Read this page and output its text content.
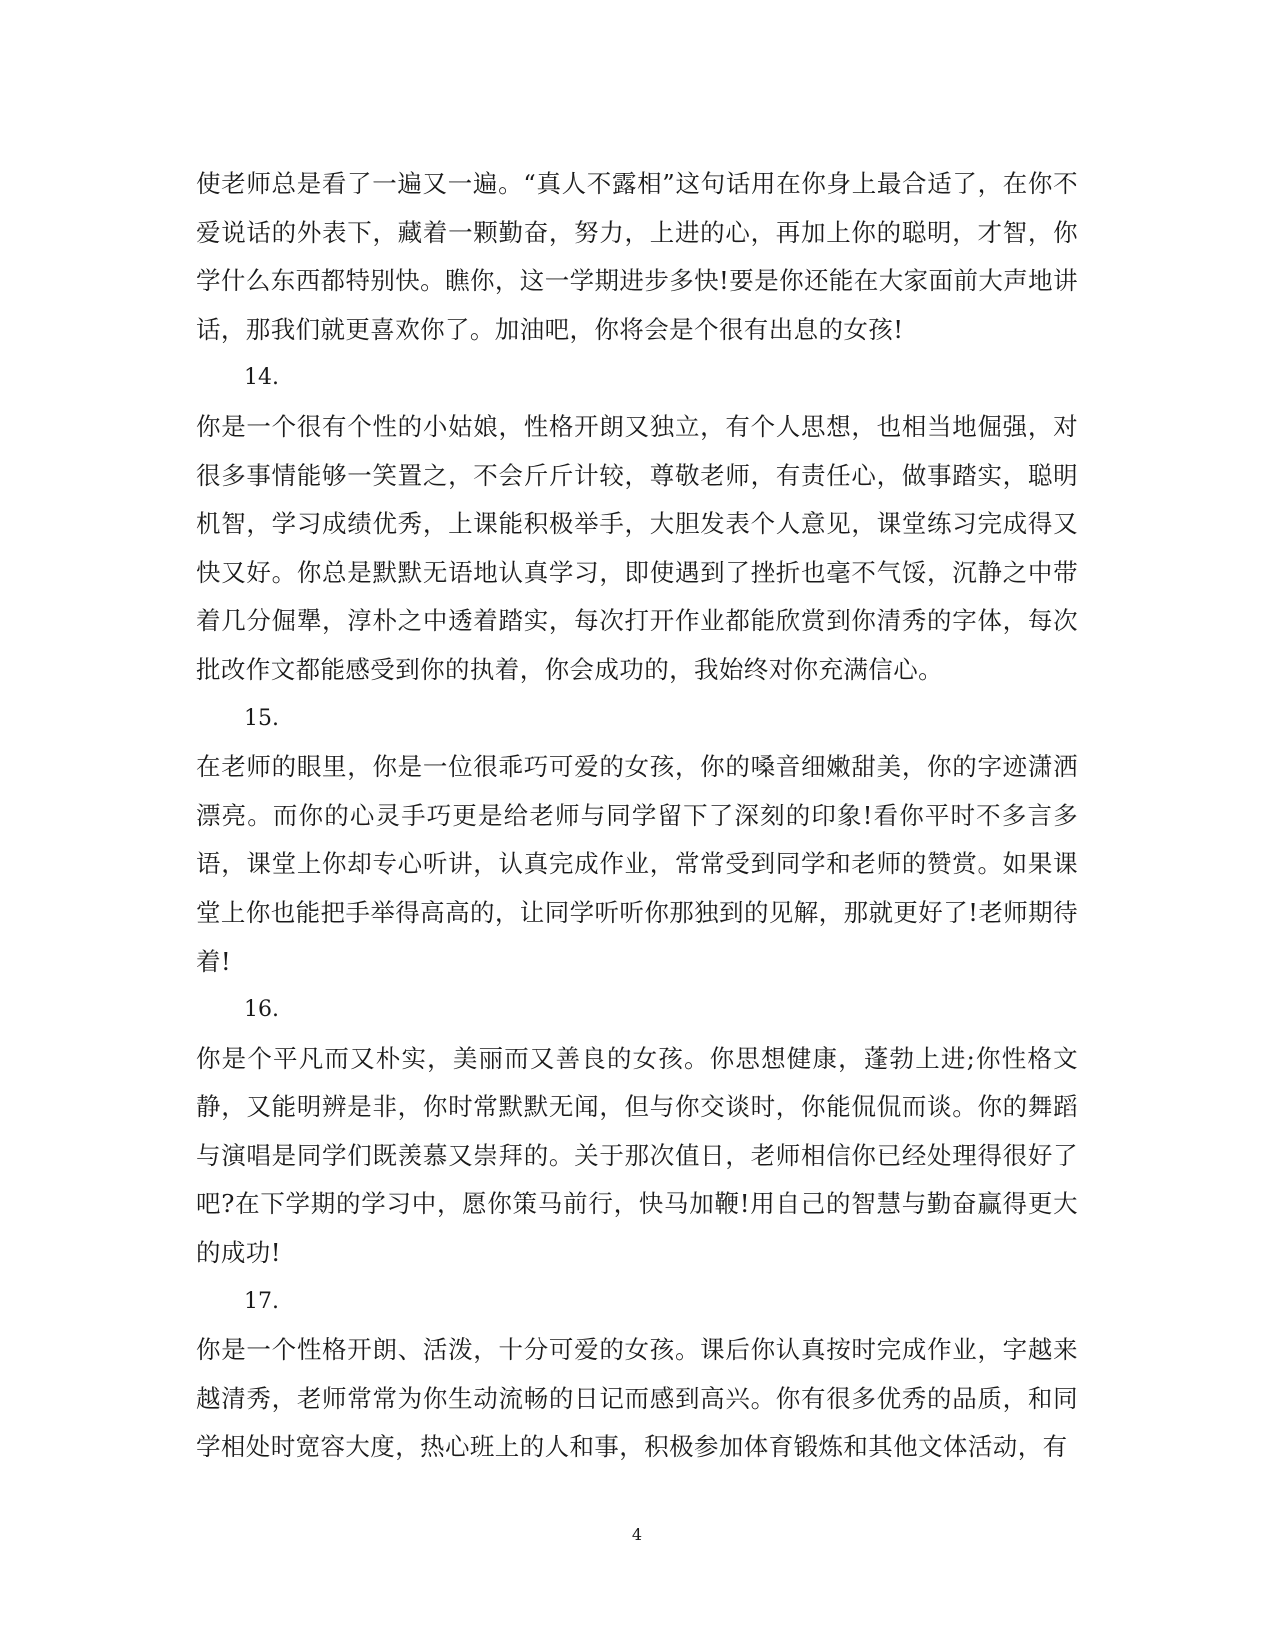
使老师总是看了一遍又一遍。“真人不露相”这句话用在你身上最合适了，在你不爱说话的外表下，藏着一颗勤奋，努力，上进的心，再加上你的聪明，才智，你学什么东西都特别快。瞧你，这一学期进步多快!要是你还能在大家面前大声地讲话，那我们就更喜欢你了。加油吧，你将会是个很有出息的女孩!

14.

你是一个很有个性的小姑娘，性格开朗又独立，有个人思想，也相当地倔强，对很多事情能够一笑置之，不会斤斤计较，尊敬老师，有责任心，做事踏实，聪明机智，学习成绩优秀，上课能积极举手，大胆发表个人意见，课堂练习完成得又快又好。你总是默默无语地认真学习，即使遇到了挫折也毫不气馁，沉静之中带着几分倔犟，淳朴之中透着踏实，每次打开作业都能欣赏到你清秀的字体，每次批改作文都能感受到你的执着，你会成功的，我始终对你充满信心。

15.

在老师的眼里，你是一位很乖巧可爱的女孩，你的嗓音细嫩甜美，你的字迹潇洒漂亮。而你的心灵手巧更是给老师与同学留下了深刻的印象!看你平时不多言多语，课堂上你却专心听讲，认真完成作业，常常受到同学和老师的赞赏。如果课堂上你也能把手举得高高的，让同学听听你那独到的见解，那就更好了!老师期待着!

16.

你是个平凡而又朴实，美丽而又善良的女孩。你思想健康，蓬勃上进;你性格文静，又能明辨是非，你时常默默无闻，但与你交谈时，你能侃侃而谈。你的舞蹈与演唱是同学们既羡慕又崇拜的。关于那次值日，老师相信你已经处理得很好了吧?在下学期的学习中，愿你策马前行，快马加鞭!用自己的智慧与勤奋赢得更大的成功!

17.

你是一个性格开朗、活泼，十分可爱的女孩。课后你认真按时完成作业，字越来越清秀，老师常常为你生动流畅的日记而感到高兴。你有很多优秀的品质，和同学相处时宽容大度，热心班上的人和事，积极参加体育锻炼和其他文体活动，有

4
